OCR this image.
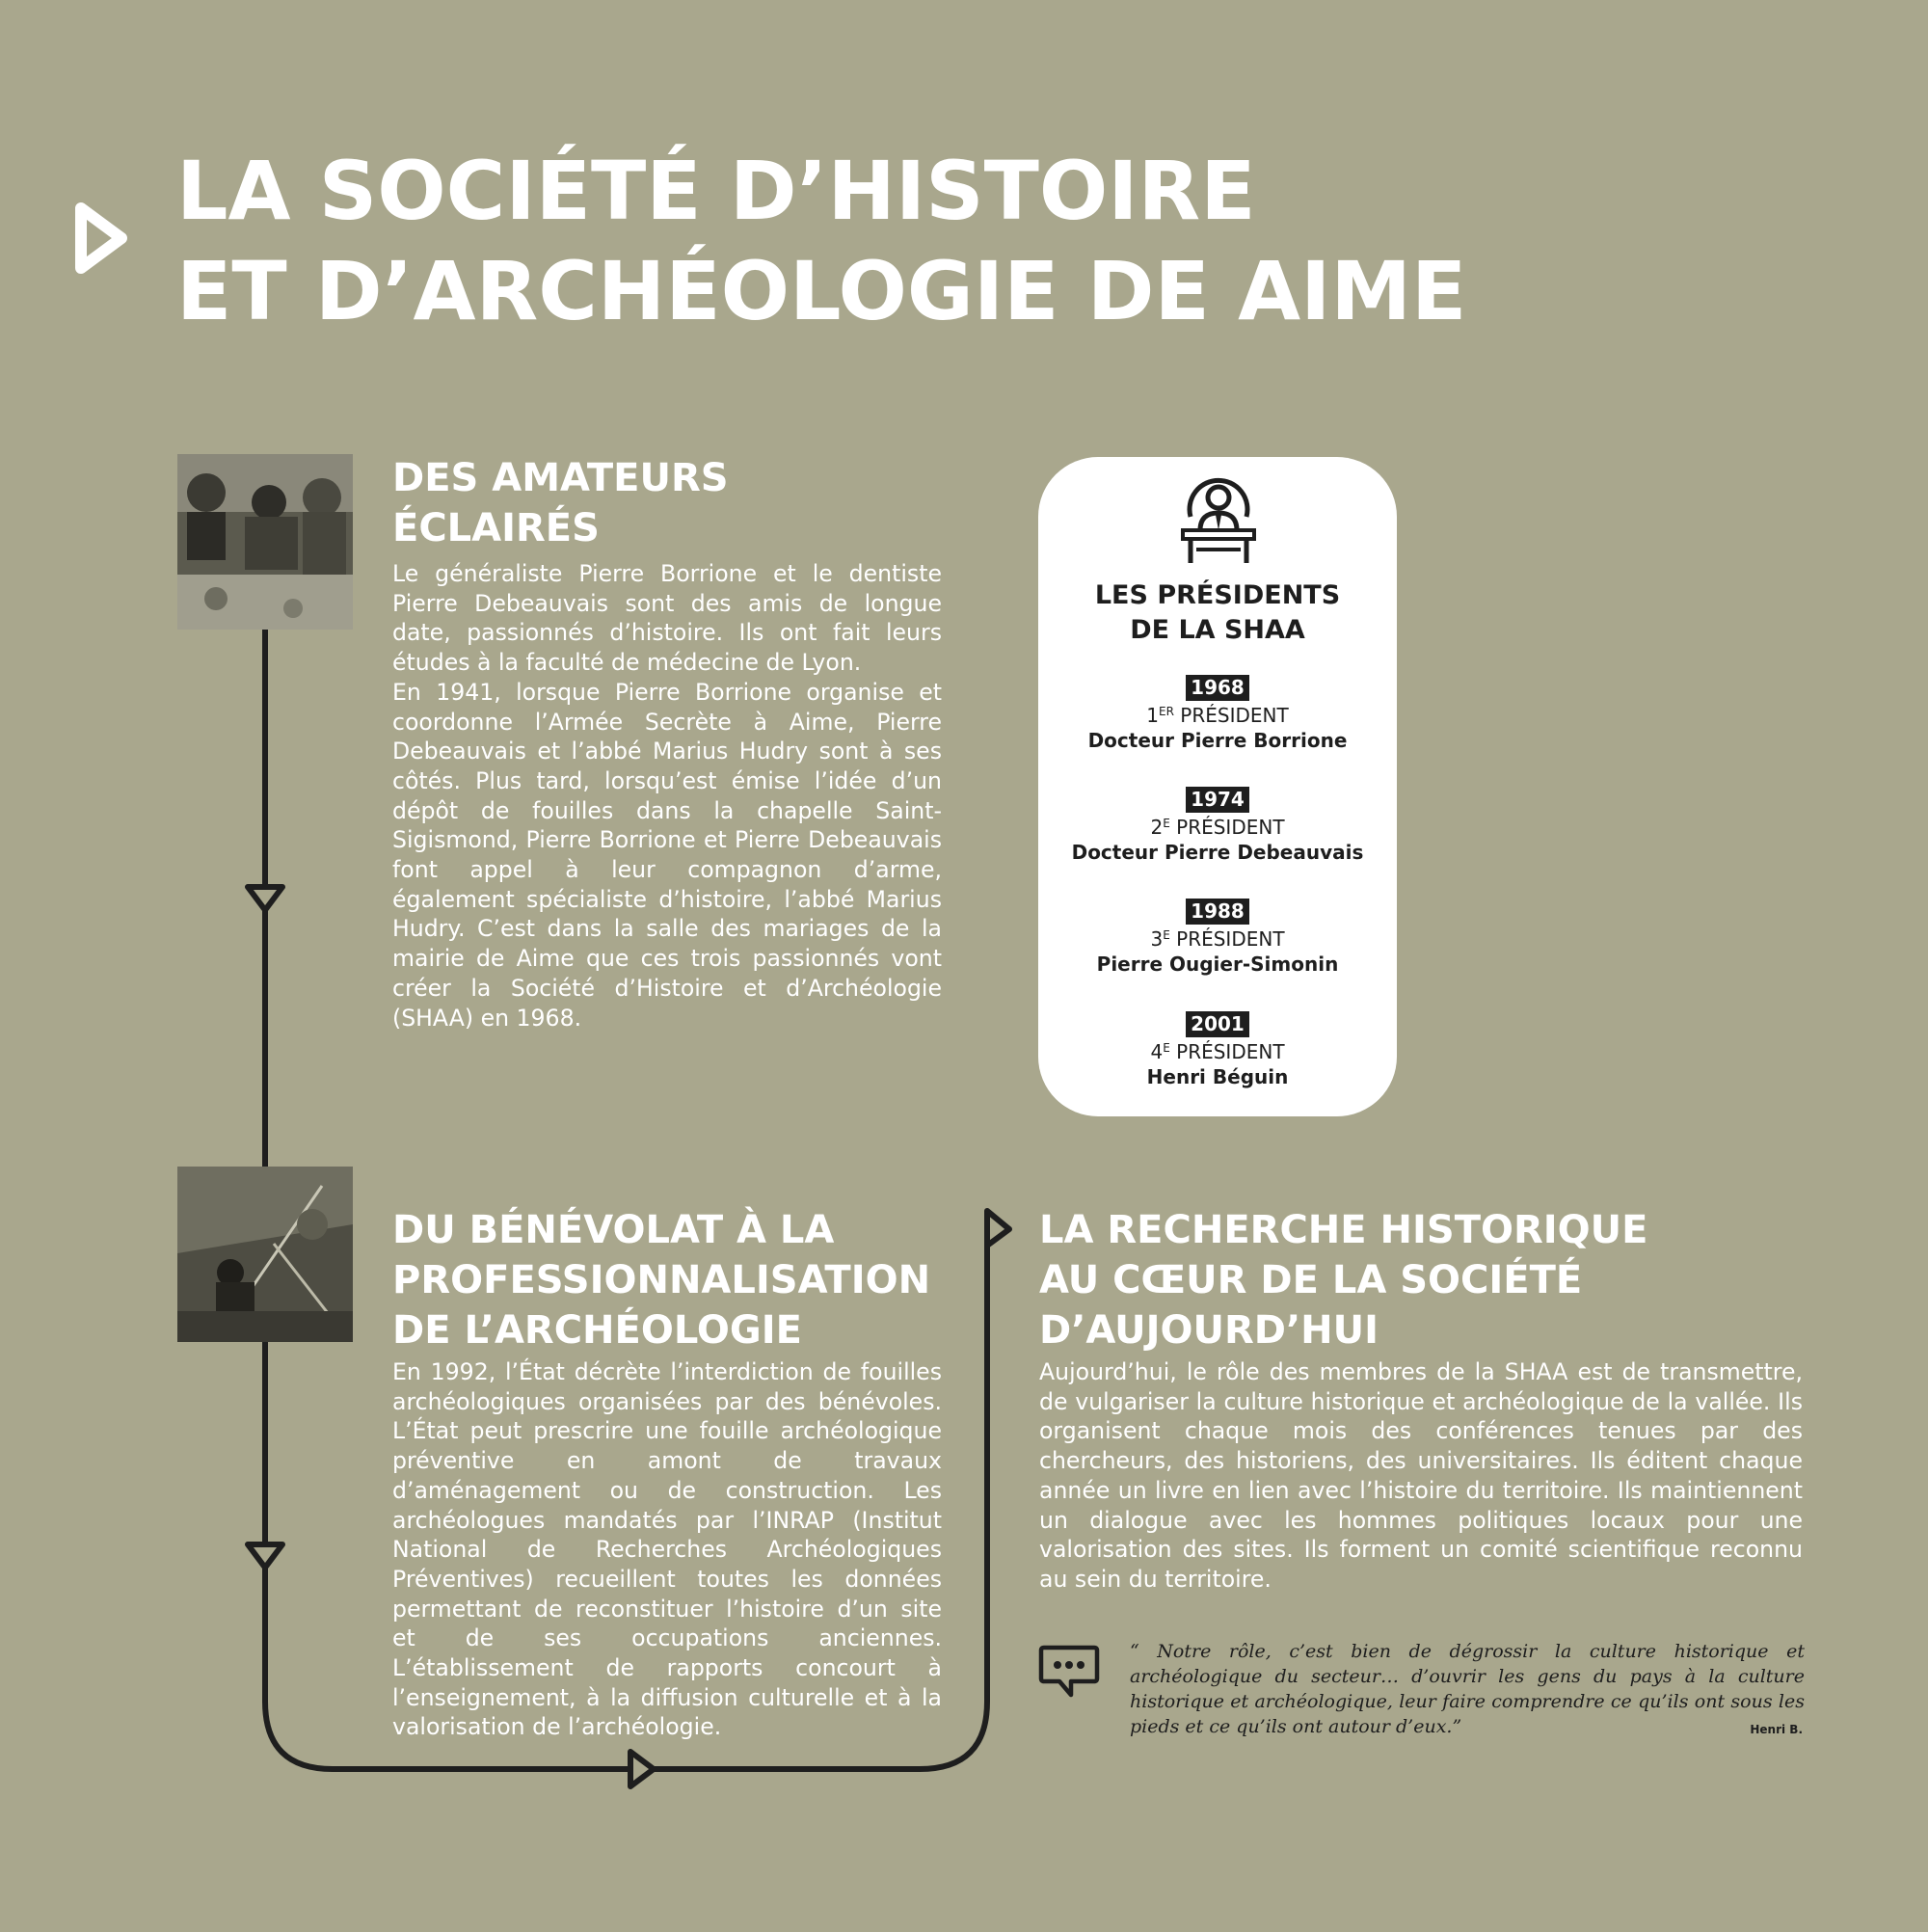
LA SOCIÉTÉ D’HISTOIRE
ET D’ARCHÉOLOGIE DE AIME
DES AMATEURS ÉCLAIRÉS

Le généraliste Pierre Borrione et le dentiste Pierre Debeauvais sont des amis de longue date, passionnés d’histoire. Ils ont fait leurs études à la faculté de médecine de Lyon.

En 1941, lorsque Pierre Borrione organise et coordonne l’Armée Secrète à Aime, Pierre Debeauvais et l’abbé Marius Hudry sont à ses côtés. Plus tard, lorsqu’est émise l’idée d’un dépôt de fouilles dans la chapelle Saint-Sigismond, Pierre Borrione et Pierre Debeauvais font appel à leur compagnon d’arme, également spécialiste d’histoire, l’abbé Marius Hudry. C’est dans la salle des mariages de la mairie de Aime que ces trois passionnés vont créer la Société d’Histoire et d’Archéologie (SHAA) en 1968.

LES PRÉSIDENTS
DE LA SHAA
1968
1ER PRÉSIDENT
Docteur Pierre Borrione
1974
$2^E$ PRÉSIDENT
Docteur Pierre Debeauvais
1988
$3^E$ PRÉSIDENT
Pierre Ougier-Simonin
2001
$4^E$ PRÉSIDENT
Henri Béguin
DU BÉNÉVOLAT À LA
PROFESSIONNALISATION
DE L’ARCHÉOLOGIE

En 1992, l’État décrète l’interdiction de fouilles archéologiques organisées par des bénévoles. L’État peut prescrire une fouille archéologique préventive en amont de travaux d’aménagement ou de construction. Les archéologues mandatés par l’INRAP (Institut National de Recherches Archéologiques Préventives) recueillent toutes les données permettant de reconstituer l’histoire d’un site et de ses occupations anciennes. L’établissement de rapports concourt à l’enseignement, à la diffusion culturelle et à la valorisation de l’archéologie.

LA RECHERCHE HISTORIQUE
AU CŒUR DE LA SOCIÉTÉ
D’AUJOURD’HUI

Aujourd’hui, le rôle des membres de la SHAA est de transmettre, de vulgariser la culture historique et archéologique de la vallée. Ils organisent chaque mois des conférences tenues par des chercheurs, des historiens, des universitaires. Ils éditent chaque année un livre en lien avec l’histoire du territoire. Ils maintiennent un dialogue avec les hommes politiques locaux pour une valorisation des sites. Ils forment un comité scientifique reconnu au sein du territoire.

“ Notre rôle, c’est bien de dégrossir la culture historique et archéologique du secteur… d’ouvrir les gens du pays à la culture historique et archéologique, leur faire comprendre ce qu’ils ont sous les pieds et ce qu’ils ont autour d’eux.”	Henri B.
